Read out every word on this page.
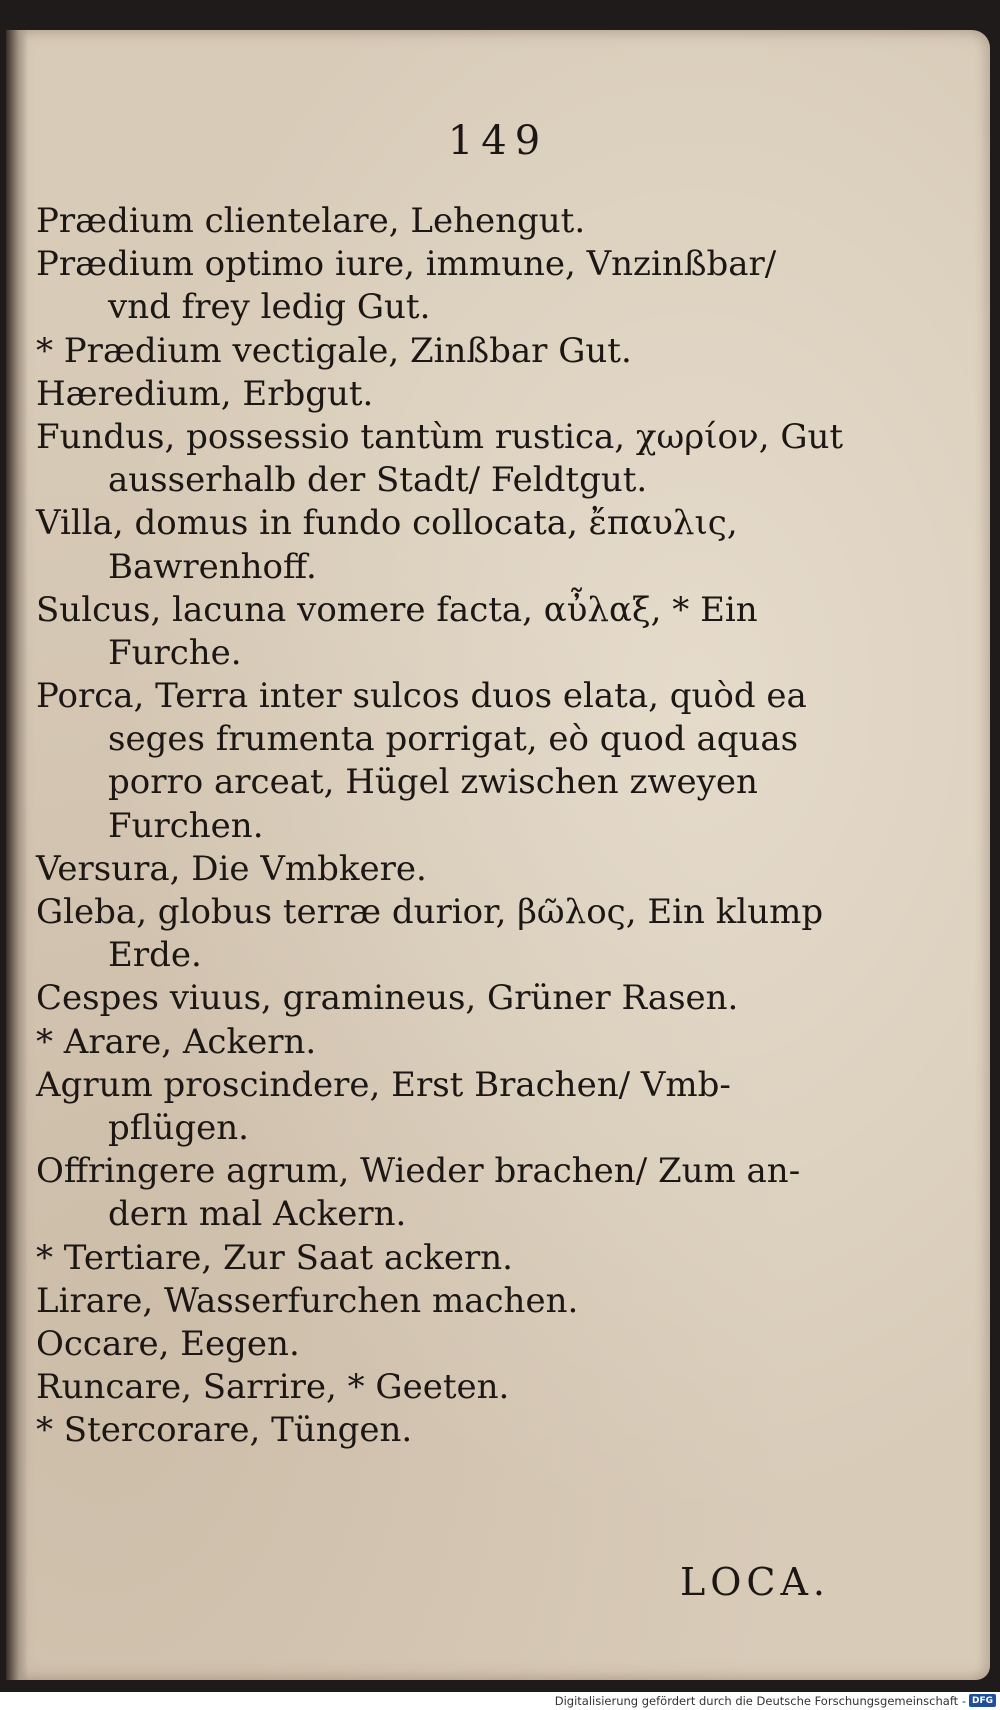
149
Prædium clientelare, Lehengut.
Prædium optimo iure, immune, Vnzinßbar/
vnd frey ledig Gut.
* Prædium vectigale, Zinßbar Gut.
Hæredium, Erbgut.
Fundus, possessio tantùm rustica, χωρίον, Gut
ausserhalb der Stadt/ Feldtgut.
Villa, domus in fundo collocata, ἔπαυλις,
Bawrenhoff.
Sulcus, lacuna vomere facta, αὖλαξ, * Ein
Furche.
Porca, Terra inter sulcos duos elata, quòd ea
seges frumenta porrigat, eò quod aquas
porro arceat, Hügel zwischen zweyen
Furchen.
Versura, Die Vmbkere.
Gleba, globus terræ durior, βῶλος, Ein klump
Erde.
Cespes viuus, gramineus, Grüner Rasen.
* Arare, Ackern.
Agrum proscindere, Erst Brachen/ Vmb-
pflügen.
Offringere agrum, Wieder brachen/ Zum an-
dern mal Ackern.
* Tertiare, Zur Saat ackern.
Lirare, Wasserfurchen machen.
Occare, Eegen.
Runcare, Sarrire, * Geeten.
* Stercorare, Tüngen.
LOCA.
Digitalisierung gefördert durch die Deutsche Forschungsgemeinschaft - DFG
